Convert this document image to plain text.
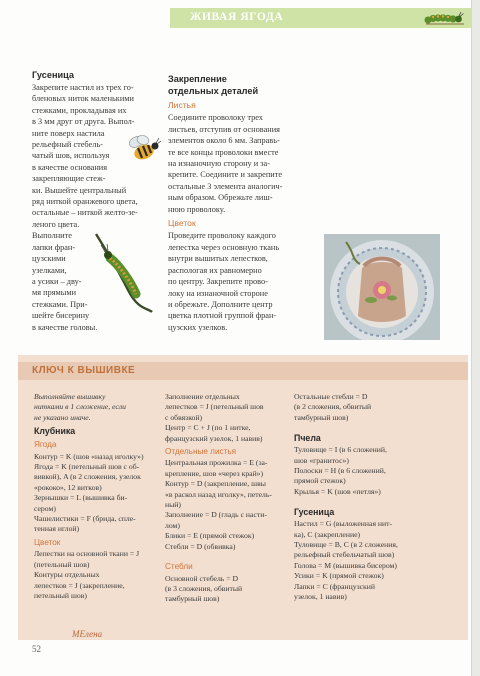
ЖИВАЯ ЯГОДА
Гусеница
Закрепите настил из трех го-
бленовых ниток маленькими
стежками, прокладывая их
в 3 мм друг от друга. Выпол-
ните поверх настила
рельефный стебель-
чатый шов, используя
в качестве основания
закрепляющие стеж-
ки. Вышейте центральный
ряд ниткой оранжевого цвета,
остальные – ниткой желто-зе-
леного цвета.
Выполните
лапки фран-
цузскими
узелками,
а усики – дву-
мя прямыми
стежками. При-
шейте бисерину
в качестве головы.
Закрепление
отдельных деталей
Листья
Соедините проволоку трех
листьев, отступив от основания
элементов около 6 мм. Заправь-
те все концы проволоки вместе
на изнаночную сторону и за-
крепите. Соедините и закрепите
остальные 3 элемента аналогич-
ным образом. Обрежьте лиш-
нюю проволоку.
Цветок
Проведите проволоку каждого
лепестка через основную ткань
внутри вышитых лепестков,
распологая их равномерно
по центру. Закрепите прово-
локу на изнаночной стороне
и обрежьте. Дополните центр
цветка плотной группой фран-
цузских узелков.
КЛЮЧ К ВЫШИВКЕ
Выполняйте вышивку
нитками в 1 сложение, если
не указано иначе.
Клубника
Ягода
Контур = K (шов «назад иголку»)
Ягода = K (петельный шов с об-
вивкой), A (в 2 сложения, узелок
«рококо», 12 витков)
Зернышки = L (вышивка би-
сером)
Чашелистики = F (брида, сплe-
тенная иглой)
Цветок
Лепестки на основной ткани = J
(петельный шов)
Контуры отдельных
лепестков = J (закрепление,
петельный шов)
Заполнение отдельных
лепестков = J (петельный шов
с обвязкой)
Центр = C + J (по 1 нитке,
французский узелок, 1 навив)
Отдельные листья
Центральная прожилка = E (за-
крепление, шов «через край»)
Контур = D (закрепление, швы
«в раскол назад иголку», петель-
ный)
Заполнение = D (гладь с насти-
лом)
Блики = E (прямой стежок)
Стебли = D (обвивка)
Стебли
Основной стебель = D
(в 3 сложения, обвитый
тамбурный шов)
Остальные стебли = D
(в 2 сложения, обвитый
тамбурный шов)
Пчела
Туловище = I (в 6 сложений,
шов «гранитос»)
Полоски = H (в 6 сложений,
прямой стежок)
Крылья = K (шов «петля»)
Гусеница
Настил = G (выложенная нит-
ка), C (закрепление)
Туловище = B, C (в 2 сложения,
рельефный стебельчатый шов)
Голова = M (вышивка бисером)
Усики = K (прямой стежок)
Лапки = C (французский
узелок, 1 навив)
МЕлена
52
